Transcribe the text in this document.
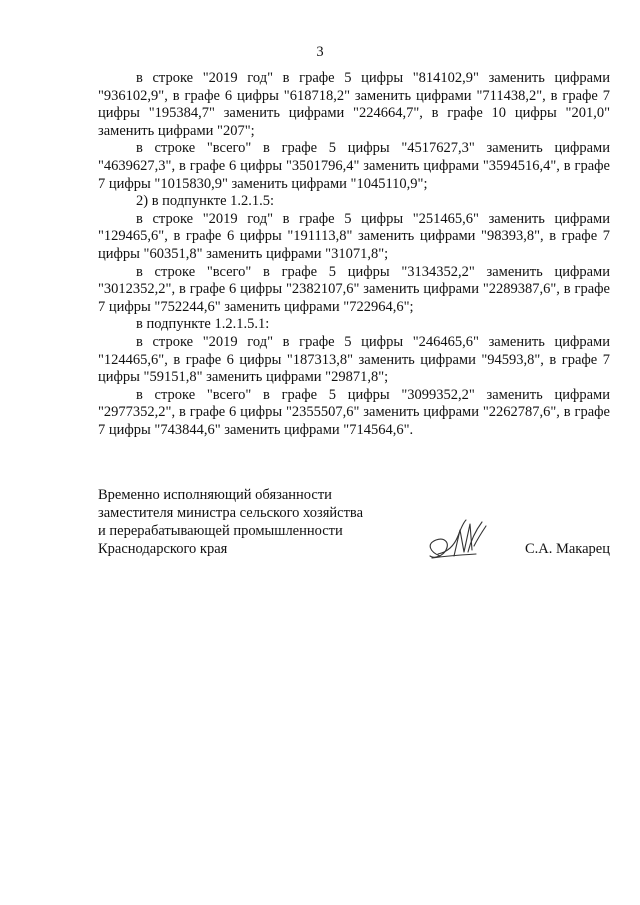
3

в строке "2019 год" в графе 5 цифры "814102,9" заменить цифрами "936102,9", в графе 6 цифры "618718,2" заменить цифрами "711438,2", в графе 7 цифры "195384,7" заменить цифрами "224664,7", в графе 10 цифры "201,0" заменить цифрами "207";

в строке "всего" в графе 5 цифры "4517627,3" заменить цифрами "4639627,3", в графе 6 цифры "3501796,4" заменить цифрами "3594516,4", в графе 7 цифры "1015830,9" заменить цифрами "1045110,9";

2) в подпункте 1.2.1.5:

в строке "2019 год" в графе 5 цифры "251465,6" заменить цифрами "129465,6", в графе 6 цифры "191113,8" заменить цифрами "98393,8", в графе 7 цифры "60351,8" заменить цифрами "31071,8";

в строке "всего" в графе 5 цифры "3134352,2" заменить цифрами "3012352,2", в графе 6 цифры "2382107,6" заменить цифрами "2289387,6", в графе 7 цифры "752244,6" заменить цифрами "722964,6";

в подпункте 1.2.1.5.1:

в строке "2019 год" в графе 5 цифры "246465,6" заменить цифрами "124465,6", в графе 6 цифры "187313,8" заменить цифрами "94593,8", в графе 7 цифры "59151,8" заменить цифрами "29871,8";

в строке "всего" в графе 5 цифры "3099352,2" заменить цифрами "2977352,2", в графе 6 цифры "2355507,6" заменить цифрами "2262787,6", в графе 7 цифры "743844,6" заменить цифрами "714564,6".

Временно исполняющий обязанности
заместителя министра сельского хозяйства
и перерабатывающей промышленности
Краснодарского края	С.А. Макарец
